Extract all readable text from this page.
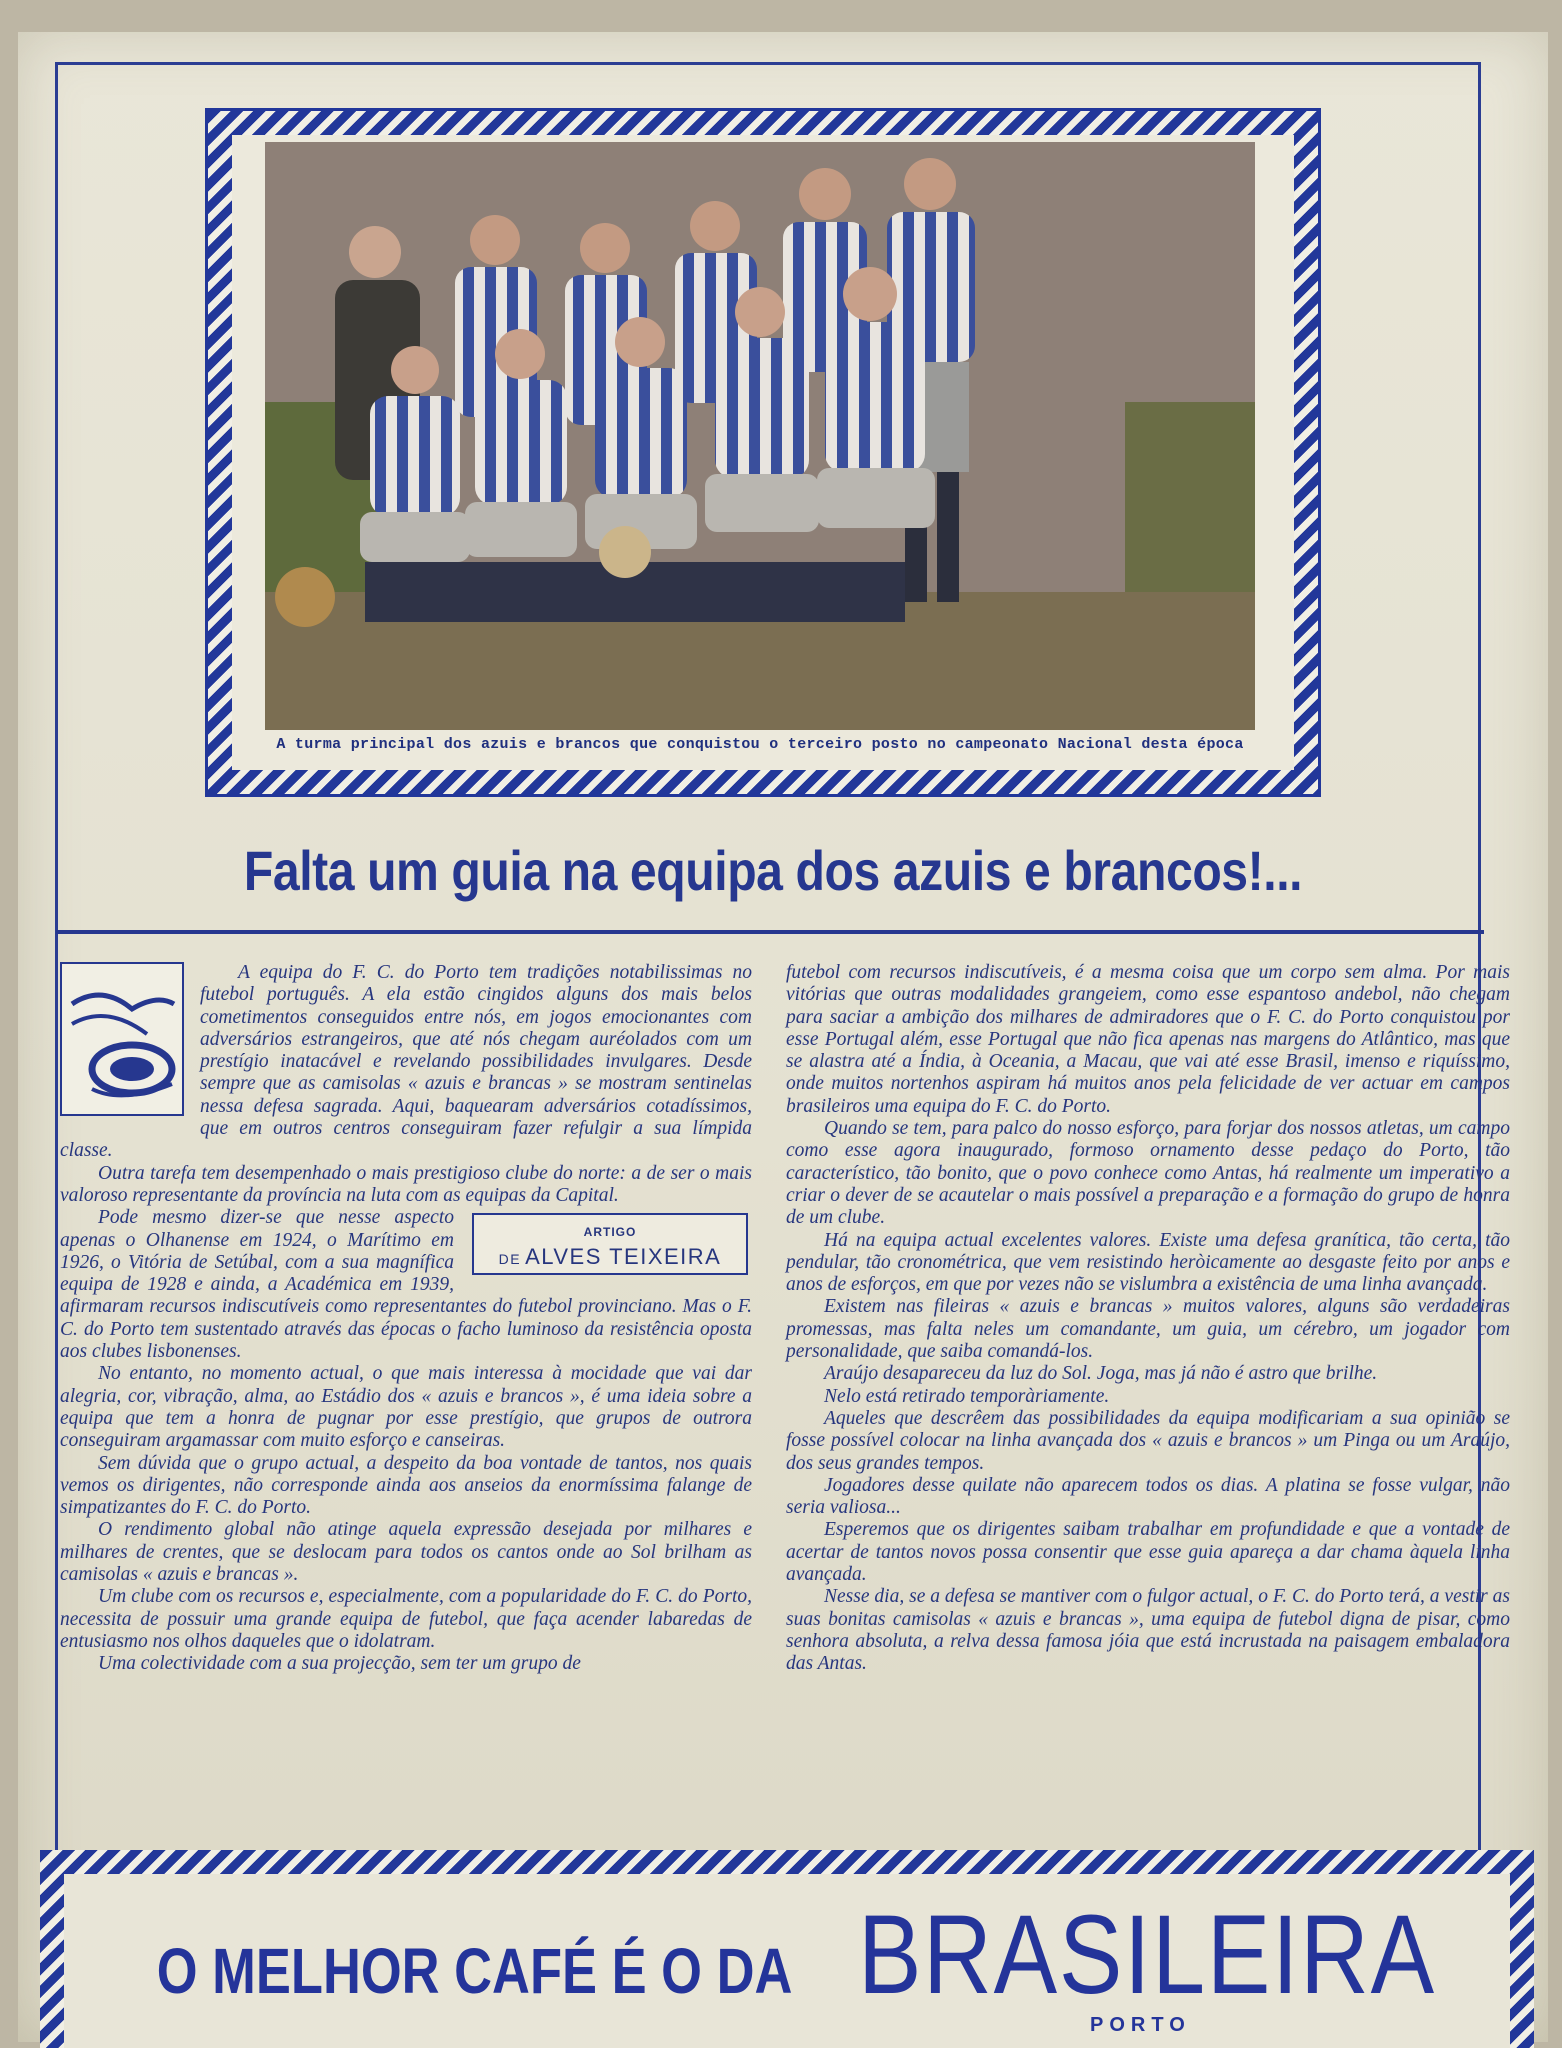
A turma principal dos azuis e brancos que conquistou o terceiro posto no campeonato Nacional desta época
Falta um guia na equipa dos azuis e brancos!...

A equipa do F. C. do Porto tem tradições notabilissimas no futebol português. A ela estão cingidos alguns dos mais belos cometimentos conseguidos entre nós, em jogos emocionantes com adversários estrangeiros, que até nós chegam auréolados com um prestígio inatacável e revelando possibilidades invulgares. Desde sempre que as camisolas « azuis e brancas » se mostram sentinelas nessa defesa sagrada. Aqui, baquearam adversários cotadíssimos, que em outros centros conseguiram fazer refulgir a sua límpida classe.

Outra tarefa tem desempenhado o mais prestigioso clube do norte: a de ser o mais valoroso representante da província na luta com as equipas da Capital.

ARTIGO
DE ALVES TEIXEIRA

Pode mesmo dizer-se que nesse aspecto apenas o Olhanense em 1924, o Marítimo em 1926, o Vitória de Setúbal, com a sua magnífica equipa de 1928 e ainda, a Académica em 1939, afirmaram recursos indiscutíveis como representantes do futebol provinciano. Mas o F. C. do Porto tem sustentado através das épocas o facho luminoso da resistência oposta aos clubes lisbonenses.

No entanto, no momento actual, o que mais interessa à mocidade que vai dar alegria, cor, vibração, alma, ao Estádio dos « azuis e brancos », é uma ideia sobre a equipa que tem a honra de pugnar por esse prestígio, que grupos de outrora conseguiram argamassar com muito esforço e canseiras.

Sem dúvida que o grupo actual, a despeito da boa vontade de tantos, nos quais vemos os dirigentes, não corresponde ainda aos anseios da enormíssima falange de simpatizantes do F. C. do Porto.

O rendimento global não atinge aquela expressão desejada por milhares e milhares de crentes, que se deslocam para todos os cantos onde ao Sol brilham as camisolas « azuis e brancas ».

Um clube com os recursos e, especialmente, com a popularidade do F. C. do Porto, necessita de possuir uma grande equipa de futebol, que faça acender labaredas de entusiasmo nos olhos daqueles que o idolatram.

Uma colectividade com a sua projecção, sem ter um grupo de

futebol com recursos indiscutíveis, é a mesma coisa que um corpo sem alma. Por mais vitórias que outras modalidades grangeiem, como esse espantoso andebol, não chegam para saciar a ambição dos milhares de admiradores que o F. C. do Porto conquistou por esse Portugal além, esse Portugal que não fica apenas nas margens do Atlântico, mas que se alastra até a Índia, à Oceania, a Macau, que vai até esse Brasil, imenso e riquíssimo, onde muitos nortenhos aspiram há muitos anos pela felicidade de ver actuar em campos brasileiros uma equipa do F. C. do Porto.

Quando se tem, para palco do nosso esforço, para forjar dos nossos atletas, um campo como esse agora inaugurado, formoso ornamento desse pedaço do Porto, tão característico, tão bonito, que o povo conhece como Antas, há realmente um imperativo a criar o dever de se acautelar o mais possível a preparação e a formação do grupo de honra de um clube.

Há na equipa actual excelentes valores. Existe uma defesa granítica, tão certa, tão pendular, tão cronométrica, que vem resistindo heròicamente ao desgaste feito por anos e anos de esforços, em que por vezes não se vislumbra a existência de uma linha avançada.

Existem nas fileiras « azuis e brancas » muitos valores, alguns são verdadeiras promessas, mas falta neles um comandante, um guia, um cérebro, um jogador com personalidade, que saiba comandá-los.

Araújo desapareceu da luz do Sol. Joga, mas já não é astro que brilhe.

Nelo está retirado temporàriamente.

Aqueles que descrêem das possibilidades da equipa modificariam a sua opinião se fosse possível colocar na linha avançada dos « azuis e brancos » um Pinga ou um Araújo, dos seus grandes tempos.

Jogadores desse quilate não aparecem todos os dias. A platina se fosse vulgar, não seria valiosa...

Esperemos que os dirigentes saibam trabalhar em profundidade e que a vontade de acertar de tantos novos possa consentir que esse guia apareça a dar chama àquela linha avançada.

Nesse dia, se a defesa se mantiver com o fulgor actual, o F. C. do Porto terá, a vestir as suas bonitas camisolas « azuis e brancas », uma equipa de futebol digna de pisar, como senhora absoluta, a relva dessa famosa jóia que está incrustada na paisagem embaladora das Antas.

O MELHOR CAFÉ É O DA BRASILEIRA
PORTO
